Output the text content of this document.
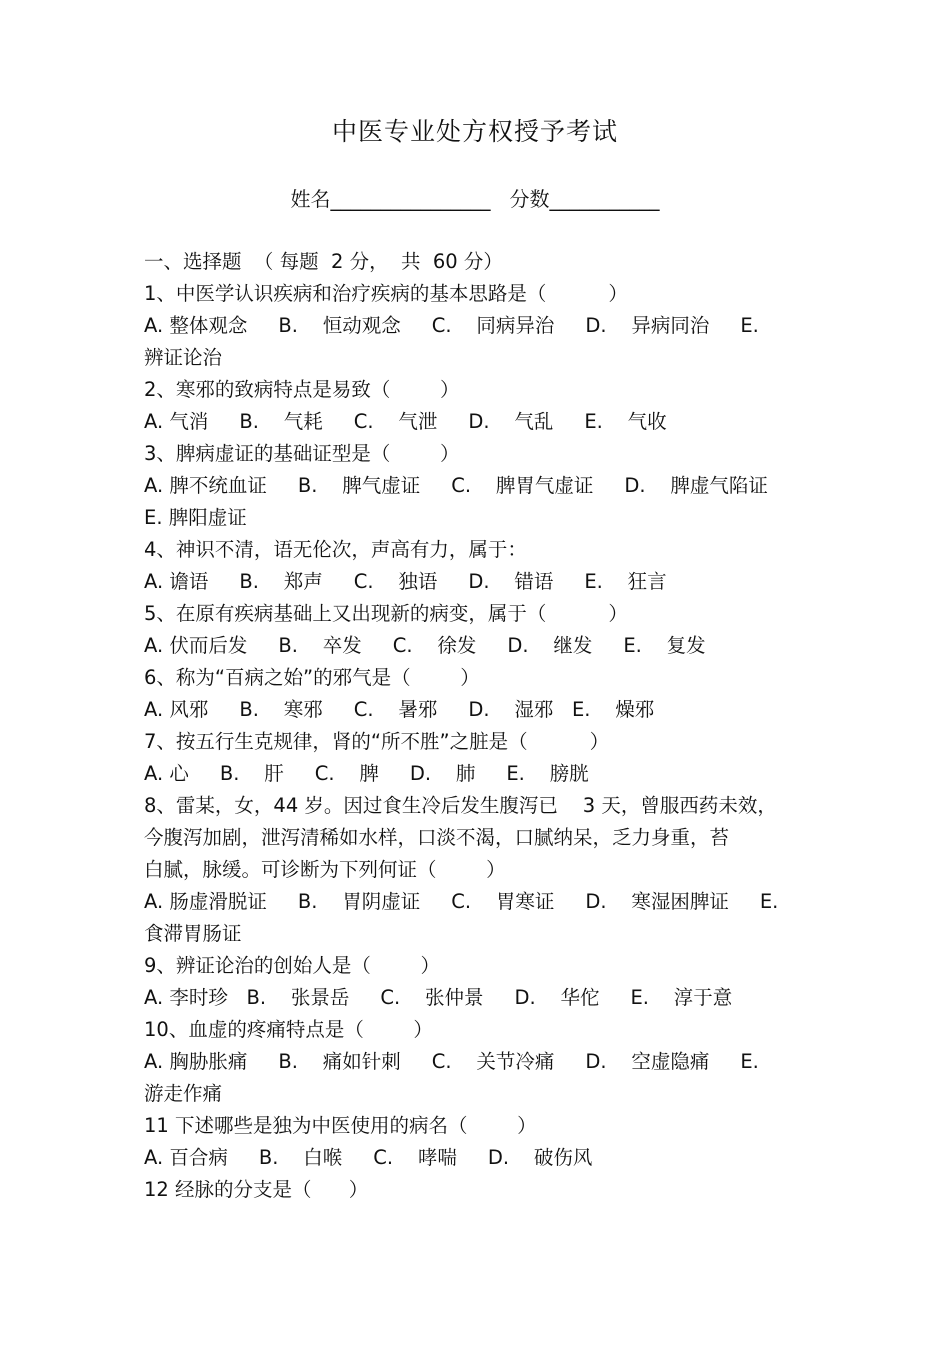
中医专业处方权授予考试
姓名________________ 分数___________
一、选择题  （ 每题  2 分，  共  60 分）
1、中医学认识疾病和治疗疾病的基本思路是（          ）
A. 整体观念     B.    恒动观念     C.    同病异治     D.    异病同治     E.
辨证论治
2、寒邪的致病特点是易致（        ）
A. 气消     B.    气耗     C.    气泄     D.    气乱     E.    气收
3、脾病虚证的基础证型是（        ）
A. 脾不统血证     B.    脾气虚证     C.    脾胃气虚证     D.    脾虚气陷证
E. 脾阳虚证
4、神识不清，语无伦次，声高有力，属于：
A. 谵语     B.    郑声     C.    独语     D.    错语     E.    狂言
5、在原有疾病基础上又出现新的病变，属于（          ）
A. 伏而后发     B.    卒发     C.    徐发     D.    继发     E.    复发
6、称为“百病之始”的邪气是（        ）
A. 风邪     B.    寒邪     C.    暑邪     D.    湿邪   E.    燥邪
7、按五行生克规律，肾的“所不胜”之脏是（          ）
A. 心     B.    肝     C.    脾     D.    肺     E.    膀胱
8、雷某，女，44 岁。因过食生冷后发生腹泻已    3 天，曾服西药未效，
今腹泻加剧，泄泻清稀如水样，口淡不渴，口腻纳呆，乏力身重，苔
白腻，脉缓。可诊断为下列何证（        ）
A. 肠虚滑脱证     B.    胃阴虚证     C.    胃寒证     D.    寒湿困脾证     E.
食滞胃肠证
9、辨证论治的创始人是（        ）
A. 李时珍   B.    张景岳     C.    张仲景     D.    华佗     E.    淳于意
10、血虚的疼痛特点是（        ）
A. 胸胁胀痛     B.    痛如针刺     C.    关节冷痛     D.    空虚隐痛     E.
游走作痛
11 下述哪些是独为中医使用的病名（        ）
A. 百合病     B.    白喉     C.    哮喘     D.    破伤风
12 经脉的分支是（      ）
